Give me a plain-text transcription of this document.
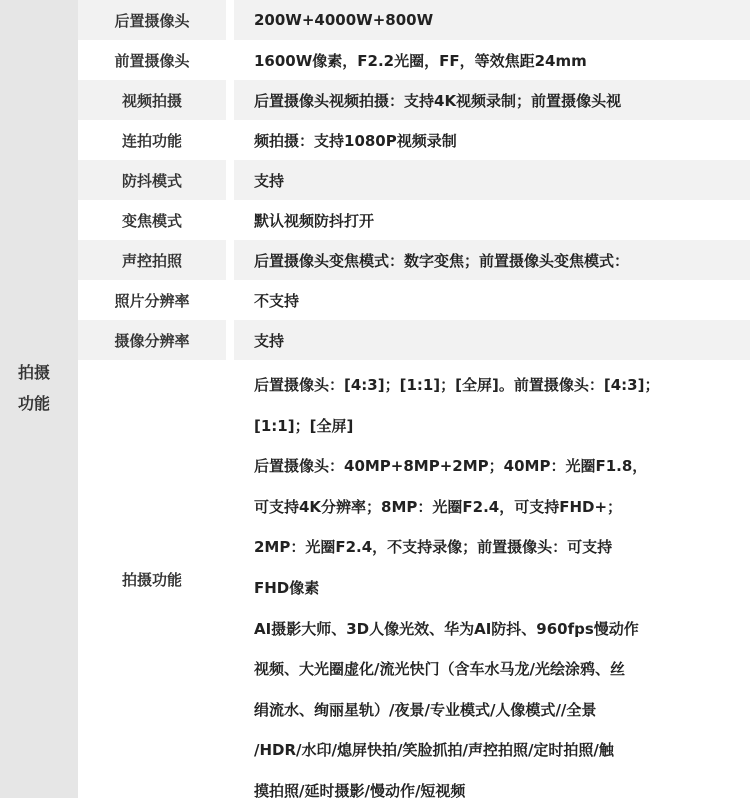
拍摄
功能
后置摄像头	200W+4000W+800W
前置摄像头	1600W像素，F2.2光圈，FF，等效焦距24mm
视频拍摄	后置摄像头视频拍摄：支持4K视频录制；前置摄像头视
连拍功能	频拍摄：支持1080P视频录制
防抖模式	支持
变焦模式	默认视频防抖打开
声控拍照	后置摄像头变焦模式：数字变焦；前置摄像头变焦模式：
照片分辨率	不支持
摄像分辨率	支持
拍摄功能
后置摄像头：[4:3]；[1:1]；[全屏]。前置摄像头：[4:3]；
[1:1]；[全屏]
后置摄像头：40MP+8MP+2MP；40MP：光圈F1.8，
可支持4K分辨率；8MP：光圈F2.4，可支持FHD+；
2MP：光圈F2.4，不支持录像；前置摄像头：可支持
FHD像素
AI摄影大师、3D人像光效、华为AI防抖、960fps慢动作
视频、大光圈虚化/流光快门（含车水马龙/光绘涂鸦、丝
绢流水、绚丽星轨）/夜景/专业模式/人像模式//全景
/HDR/水印/熄屏快拍/笑脸抓拍/声控拍照/定时拍照/触
摸拍照/延时摄影/慢动作/短视频
